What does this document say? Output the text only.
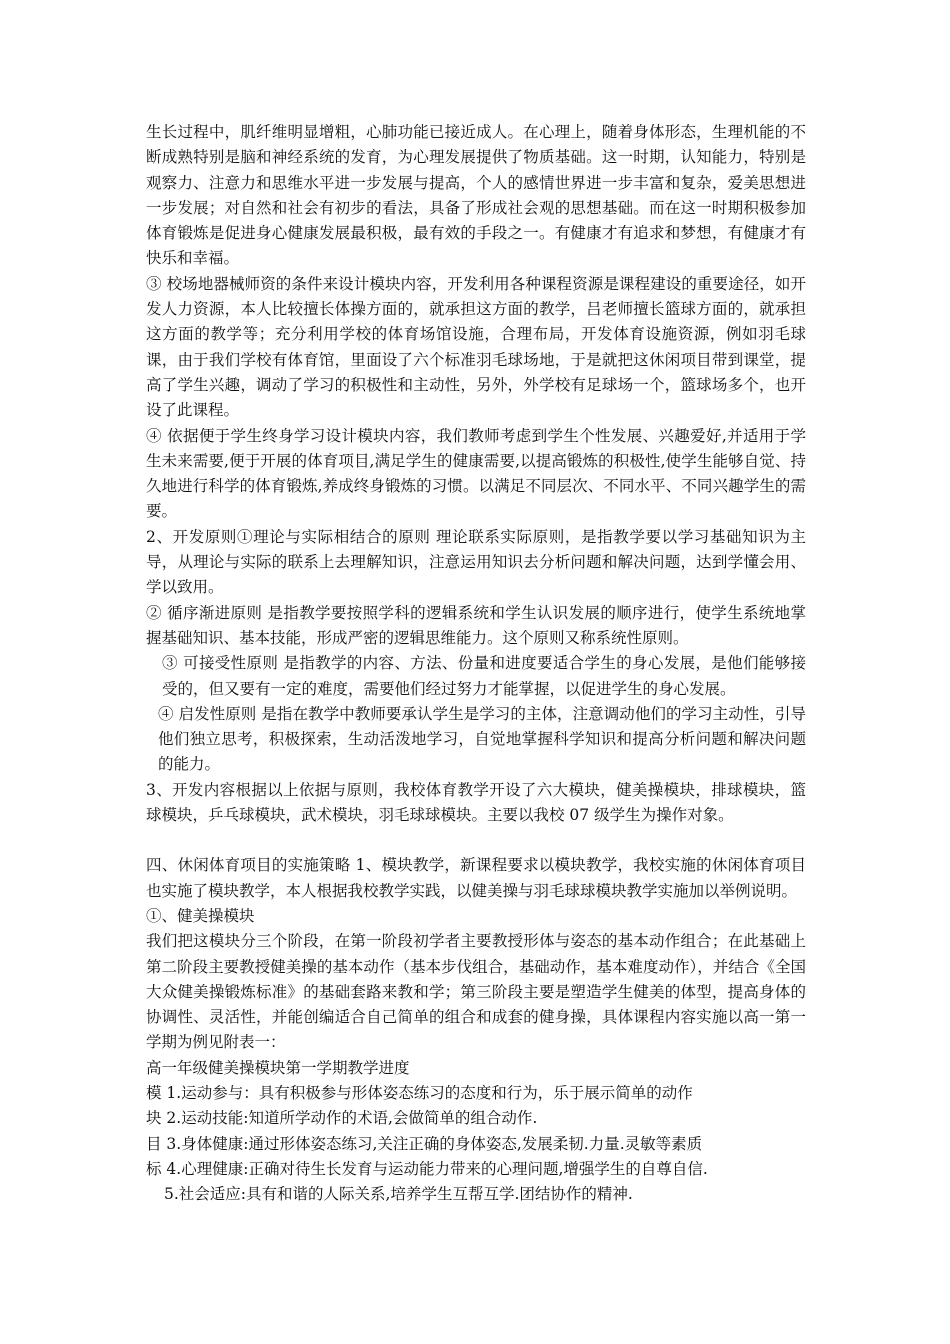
生长过程中，肌纤维明显增粗，心肺功能已接近成人。在心理上，随着身体形态，生理机能的不断成熟特别是脑和神经系统的发育，为心理发展提供了物质基础。这一时期，认知能力，特别是观察力、注意力和思维水平进一步发展与提高，个人的感情世界进一步丰富和复杂，爱美思想进一步发展；对自然和社会有初步的看法，具备了形成社会观的思想基础。而在这一时期积极参加体育锻炼是促进身心健康发展最积极，最有效的手段之一。有健康才有追求和梦想，有健康才有快乐和幸福。

③ 校场地器械师资的条件来设计模块内容，开发利用各种课程资源是课程建设的重要途径，如开发人力资源，本人比较擅长体操方面的，就承担这方面的教学，吕老师擅长篮球方面的，就承担这方面的教学等；充分利用学校的体育场馆设施，合理布局，开发体育设施资源，例如羽毛球课，由于我们学校有体育馆，里面设了六个标准羽毛球场地，于是就把这休闲项目带到课堂，提高了学生兴趣，调动了学习的积极性和主动性，另外，外学校有足球场一个，篮球场多个，也开设了此课程。

④ 依据便于学生终身学习设计模块内容，我们教师考虑到学生个性发展、兴趣爱好,并适用于学生未来需要,便于开展的体育项目,满足学生的健康需要,以提高锻炼的积极性,使学生能够自觉、持久地进行科学的体育锻炼,养成终身锻炼的习惯。以满足不同层次、不同水平、不同兴趣学生的需要。

2、开发原则①理论与实际相结合的原则 理论联系实际原则，是指教学要以学习基础知识为主导，从理论与实际的联系上去理解知识，注意运用知识去分析问题和解决问题，达到学懂会用、学以致用。

② 循序渐进原则 是指教学要按照学科的逻辑系统和学生认识发展的顺序进行，使学生系统地掌握基础知识、基本技能，形成严密的逻辑思维能力。这个原则又称系统性原则。

③ 可接受性原则 是指教学的内容、方法、份量和进度要适合学生的身心发展，是他们能够接受的，但又要有一定的难度，需要他们经过努力才能掌握，以促进学生的身心发展。

④ 启发性原则 是指在教学中教师要承认学生是学习的主体，注意调动他们的学习主动性，引导他们独立思考，积极探索，生动活泼地学习，自觉地掌握科学知识和提高分析问题和解决问题的能力。

3、开发内容根据以上依据与原则，我校体育教学开设了六大模块，健美操模块，排球模块，篮球模块，乒乓球模块，武术模块，羽毛球球模块。主要以我校 07 级学生为操作对象。

四、休闲体育项目的实施策略 1、模块教学，新课程要求以模块教学，我校实施的休闲体育项目也实施了模块教学，本人根据我校教学实践，以健美操与羽毛球球模块教学实施加以举例说明。

①、健美操模块

我们把这模块分三个阶段，在第一阶段初学者主要教授形体与姿态的基本动作组合；在此基础上第二阶段主要教授健美操的基本动作（基本步伐组合，基础动作，基本难度动作），并结合《全国大众健美操锻炼标准》的基础套路来教和学；第三阶段主要是塑造学生健美的体型，提高身体的协调性、灵活性，并能创编适合自己简单的组合和成套的健身操，具体课程内容实施以高一第一学期为例见附表一：

高一年级健美操模块第一学期教学进度

模 1.运动参与：具有积极参与形体姿态练习的态度和行为，乐于展示简单的动作

块 2.运动技能:知道所学动作的术语,会做简单的组合动作.

目 3.身体健康:通过形体姿态练习,关注正确的身体姿态,发展柔韧.力量.灵敏等素质

标 4.心理健康:正确对待生长发育与运动能力带来的心理问题,增强学生的自尊自信.

5.社会适应:具有和谐的人际关系,培养学生互帮互学.团结协作的精神.
